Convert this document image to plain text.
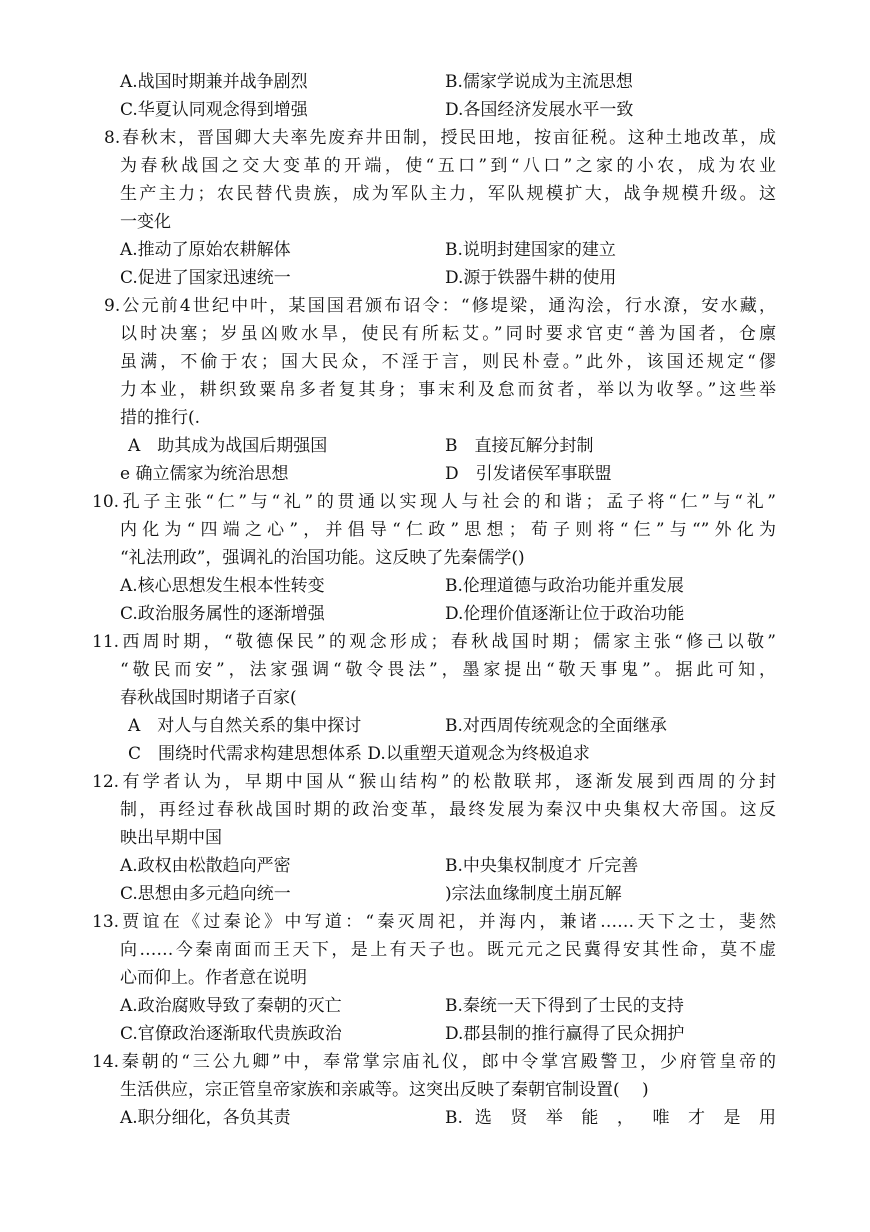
A.战国时期兼并战争剧烈	B.儒家学说成为主流思想
C.华夏认同观念得到增强	D.各国经济发展水平一致
8.春秋末，晋国卿大夫率先废弃井田制，授民田地，按亩征税。这种土地改革，成
为春秋战国之交大变革的开端，使“五口”到“八口”之家的小农，成为农业
生产主力；农民替代贵族，成为军队主力，军队规模扩大，战争规模升级。这
一变化
A.推动了原始农耕解体	B.说明封建国家的建立
C.促进了国家迅速统一	D.源于铁器牛耕的使用
9.公元前4世纪中叶，某国国君颁布诏令：“修堤梁，通沟浍，行水潦，安水藏，
以时决塞；岁虽凶败水旱，使民有所耘艾。”同时要求官吏“善为国者，仓廪
虽满，不偷于农；国大民众，不淫于言，则民朴壹。”此外，该国还规定“僇
力本业，耕织致粟帛多者复其身；事末利及怠而贫者，举以为收孥。”这些举
措的推行(.
A　助其成为战国后期强国	B　直接瓦解分封制
e 确立儒家为统治思想	D　引发诸侯军事联盟
10.孔子主张“仁”与“礼”的贯通以实现人与社会的和谐；孟子将“仁”与“礼”
内化为“四端之心”，并倡导“仁政”思想；荀子则将“仨”与“”外化为
“礼法刑政”，强调礼的治国功能。这反映了先秦儒学()
A.核心思想发生根本性转变	B.伦理道德与政治功能并重发展
C.政治服务属性的逐渐增强	D.伦理价值逐渐让位于政治功能
11.西周时期，“敬德保民”的观念形成；春秋战国时期；儒家主张“修己以敬”
“敬民而安”，法家强调“敬令畏法”，墨家提出“敬天事鬼”。据此可知，
春秋战国时期诸子百家(
A　对人与自然关系的集中探讨	B.对西周传统观念的全面继承
C　围绕时代需求构建思想体系 D.以重塑天道观念为终极追求
12.有学者认为，早期中国从“猴山结构”的松散联邦，逐渐发展到西周的分封
制，再经过春秋战国时期的政治变革，最终发展为秦汉中央集权大帝国。这反
映出早期中国
A.政权由松散趋向严密	B.中央集权制度才 斤完善
C.思想由多元趋向统一	)宗法血缘制度土崩瓦解
13.贾谊在《过秦论》中写道：“秦灭周祀，并海内，兼诸……天下之士，斐然
向……今秦南面而王天下，是上有天子也。既元元之民冀得安其性命，莫不虚
心而仰上。作者意在说明
A.政治腐败导致了秦朝的灭亡	B.秦统一天下得到了士民的支持
C.官僚政治逐渐取代贵族政治	D.郡县制的推行赢得了民众拥护
14.秦朝的“三公九卿”中，奉常掌宗庙礼仪，郎中令掌宫殿警卫，少府管皇帝的
生活供应，宗正管皇帝家族和亲戚等。这突出反映了秦朝官制设置(　 )
A.职分细化，各负其责	B. 选 贤 举 能 ， 唯 才 是 用
